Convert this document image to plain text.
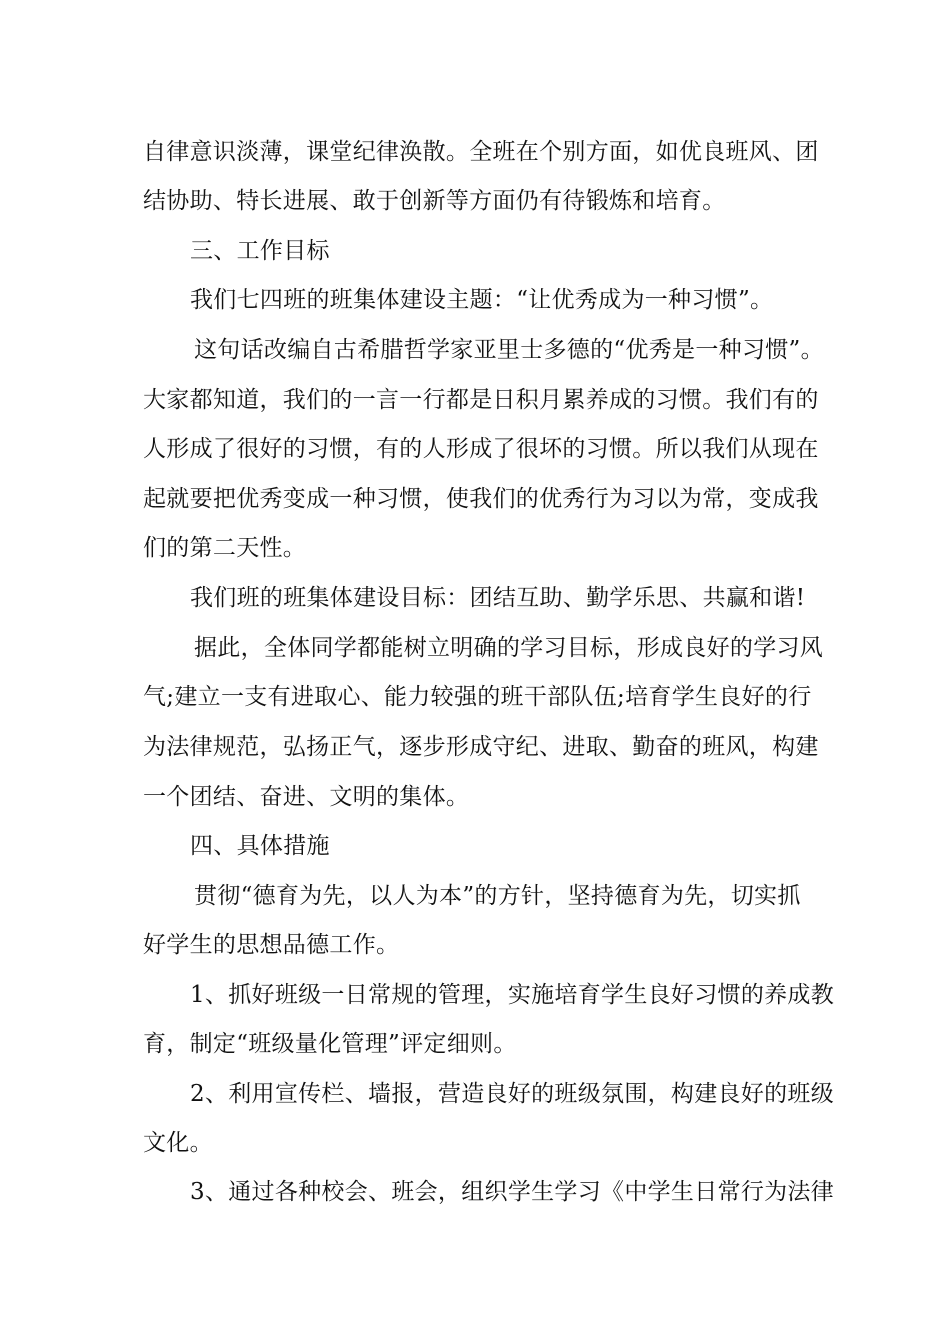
自律意识淡薄，课堂纪律涣散。全班在个别方面，如优良班风、团
结协助、特长进展、敢于创新等方面仍有待锻炼和培育。
三、工作目标
我们七四班的班集体建设主题：“让优秀成为一种习惯”。
这句话改编自古希腊哲学家亚里士多德的“优秀是一种习惯”。
大家都知道，我们的一言一行都是日积月累养成的习惯。我们有的
人形成了很好的习惯，有的人形成了很坏的习惯。所以我们从现在
起就要把优秀变成一种习惯，使我们的优秀行为习以为常，变成我
们的第二天性。
我们班的班集体建设目标：团结互助、勤学乐思、共赢和谐!
据此，全体同学都能树立明确的学习目标，形成良好的学习风
气;建立一支有进取心、能力较强的班干部队伍;培育学生良好的行
为法律规范，弘扬正气，逐步形成守纪、进取、勤奋的班风，构建
一个团结、奋进、文明的集体。
四、具体措施
贯彻“德育为先，以人为本”的方针，坚持德育为先，切实抓
好学生的思想品德工作。
1、抓好班级一日常规的管理，实施培育学生良好习惯的养成教
育，制定“班级量化管理”评定细则。
2、利用宣传栏、墙报，营造良好的班级氛围，构建良好的班级
文化。
3、通过各种校会、班会，组织学生学习《中学生日常行为法律
